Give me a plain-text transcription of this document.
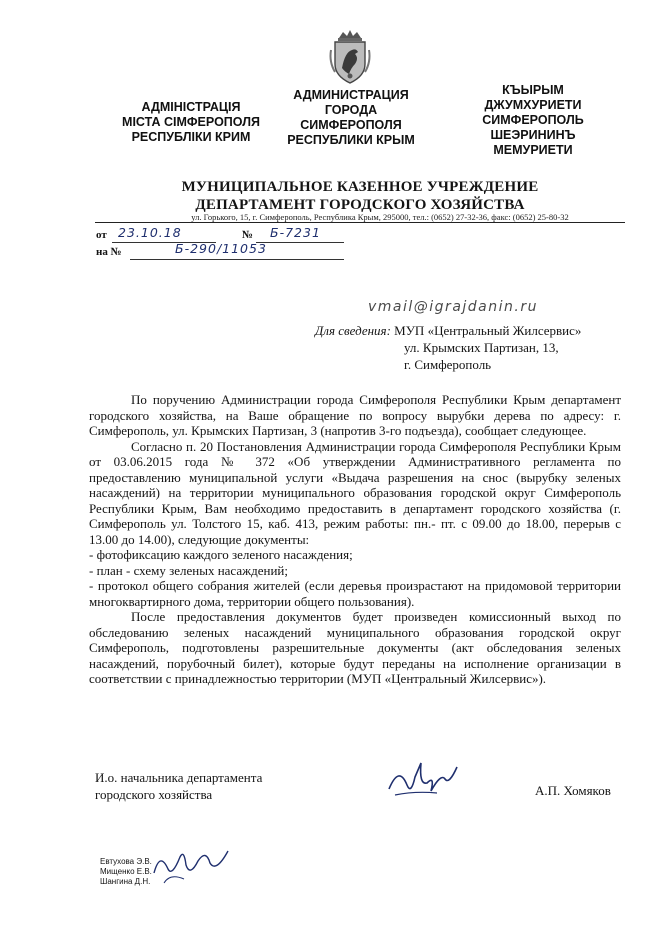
АДМІНІСТРАЦІЯ
МІСТА СІМФЕРОПОЛЯ
РЕСПУБЛІКИ КРИМ
АДМИНИСТРАЦИЯ
ГОРОДА
СИМФЕРОПОЛЯ
РЕСПУБЛИКИ КРЫМ
КЪЫРЫМ
ДЖУМХУРИЕТИ
СИМФЕРОПОЛЬ
ШЕЭРИНИНЪ
МЕМУРИЕТИ
МУНИЦИПАЛЬНОЕ КАЗЕННОЕ УЧРЕЖДЕНИЕ
ДЕПАРТАМЕНТ ГОРОДСКОГО ХОЗЯЙСТВА
ул. Горького, 15, г. Симферополь, Республика Крым, 295000, тел.: (0652) 27-32-36, факс: (0652) 25-80-32
от 23.10.18	№ Б-7231
на №	Б-290/11053
vmail@igrajdanin.ru
Для сведения: МУП «Центральный Жилсервис»
ул. Крымских Партизан, 13,
г. Симферополь

По поручению Администрации города Симферополя Республики Крым департамент городского хозяйства, на Ваше обращение по вопросу вырубки дерева по адресу: г. Симферополь, ул. Крымских Партизан, 3 (напротив 3-го подъезда), сообщает следующее.

Согласно п. 20 Постановления Администрации города Симферополя Республики Крым от 03.06.2015 года № 372 «Об утверждении Административного регламента по предоставлению муниципальной услуги «Выдача разрешения на снос (вырубку зеленых насаждений) на территории муниципального образования городской округ Симферополь Республики Крым, Вам необходимо предоставить в департамент городского хозяйства (г. Симферополь ул. Толстого 15, каб. 413, режим работы: пн.- пт. с 09.00 до 18.00, перерыв с 13.00 до 14.00), следующие документы:

- фотофиксацию каждого зеленого насаждения;

- план - схему зеленых насаждений;

- протокол общего собрания жителей (если деревья произрастают на придомовой территории многоквартирного дома, территории общего пользования).

После предоставления документов будет произведен комиссионный выход по обследованию зеленых насаждений муниципального образования городской округ Симферополь, подготовлены разрешительные документы (акт обследования зеленых насаждений, порубочный билет), которые будут переданы на исполнение организации в соответствии с принадлежностью территории (МУП «Центральный Жилсервис»).

И.о. начальника департамента
городского хозяйства	А.П. Хомяков
Евтухова Э.В.
Мищенко Е.В.
Шангина Д.Н.
